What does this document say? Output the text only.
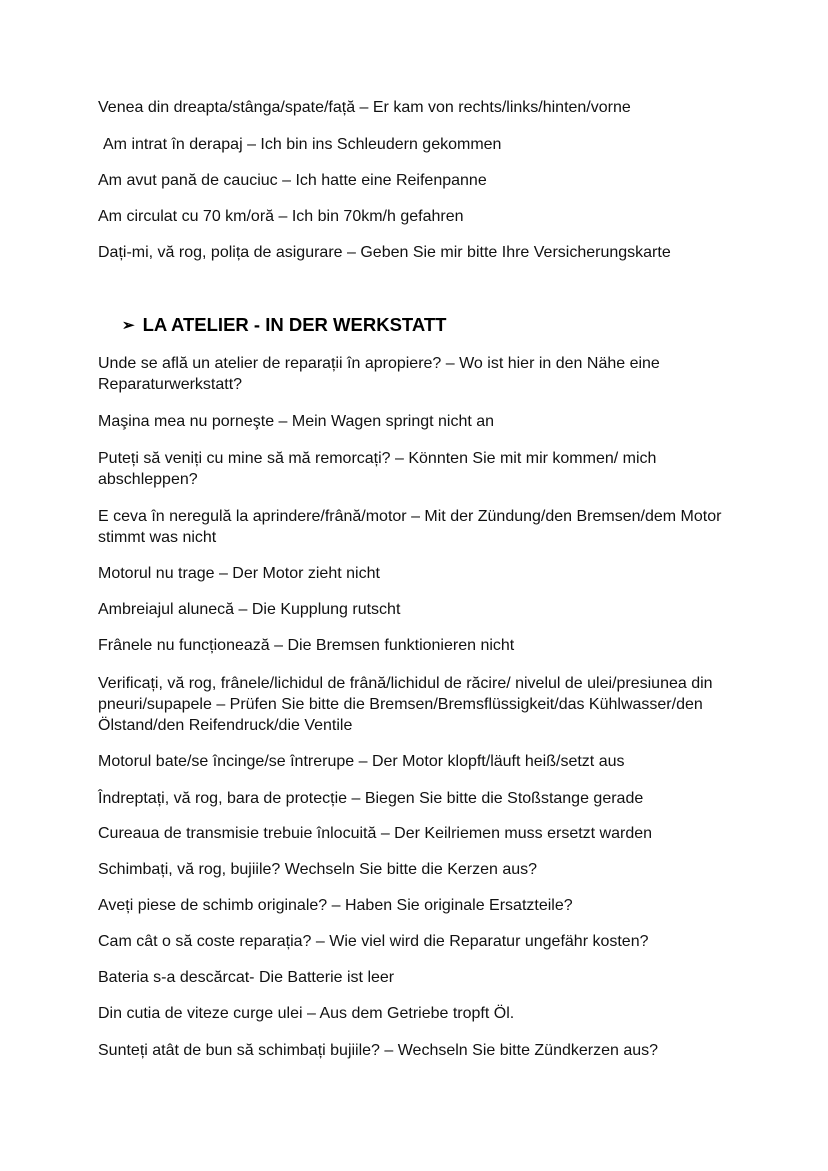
Venea din dreapta/stânga/spate/față – Er kam von rechts/links/hinten/vorne

Am intrat în derapaj – Ich bin ins Schleudern gekommen

Am avut pană de cauciuc – Ich hatte eine Reifenpanne

Am circulat cu 70 km/oră – Ich bin 70km/h gefahren

Dați-mi, vă rog, polița de asigurare – Geben Sie mir bitte Ihre Versicherungskarte

➢ LA ATELIER - IN DER WERKSTATT

Unde se află un atelier de reparații în apropiere? – Wo ist hier in den Nähe eine Reparaturwerkstatt?

Maşina mea nu porneşte – Mein Wagen springt nicht an

Puteți să veniți cu mine să mă remorcați? – Könnten Sie mit mir kommen/ mich abschleppen?

E ceva în neregulă la aprindere/frână/motor – Mit der Zündung/den Bremsen/dem Motor stimmt was nicht

Motorul nu trage – Der Motor zieht nicht

Ambreiajul alunecă – Die Kupplung rutscht

Frânele nu funcționează – Die Bremsen funktionieren nicht

Verificați, vă rog, frânele/lichidul de frână/lichidul de răcire/ nivelul de ulei/presiunea din pneuri/supapele – Prüfen Sie bitte die Bremsen/Bremsflüssigkeit/das Kühlwasser/den Ölstand/den Reifendruck/die Ventile

Motorul bate/se încinge/se întrerupe – Der Motor klopft/läuft heiß/setzt aus

Îndreptați, vă rog, bara de protecție – Biegen Sie bitte die Stoßstange gerade

Cureaua de transmisie trebuie înlocuită – Der Keilriemen muss ersetzt warden

Schimbați, vă rog, bujiile? Wechseln Sie bitte die Kerzen aus?

Aveți piese de schimb originale? – Haben Sie originale Ersatzteile?

Cam cât o să coste reparația? – Wie viel wird die Reparatur ungefähr kosten?

Bateria s-a descărcat- Die Batterie ist leer

Din cutia de viteze curge ulei – Aus dem Getriebe tropft Öl.

Sunteți atât de bun să schimbați bujiile? – Wechseln Sie bitte Zündkerzen aus?
